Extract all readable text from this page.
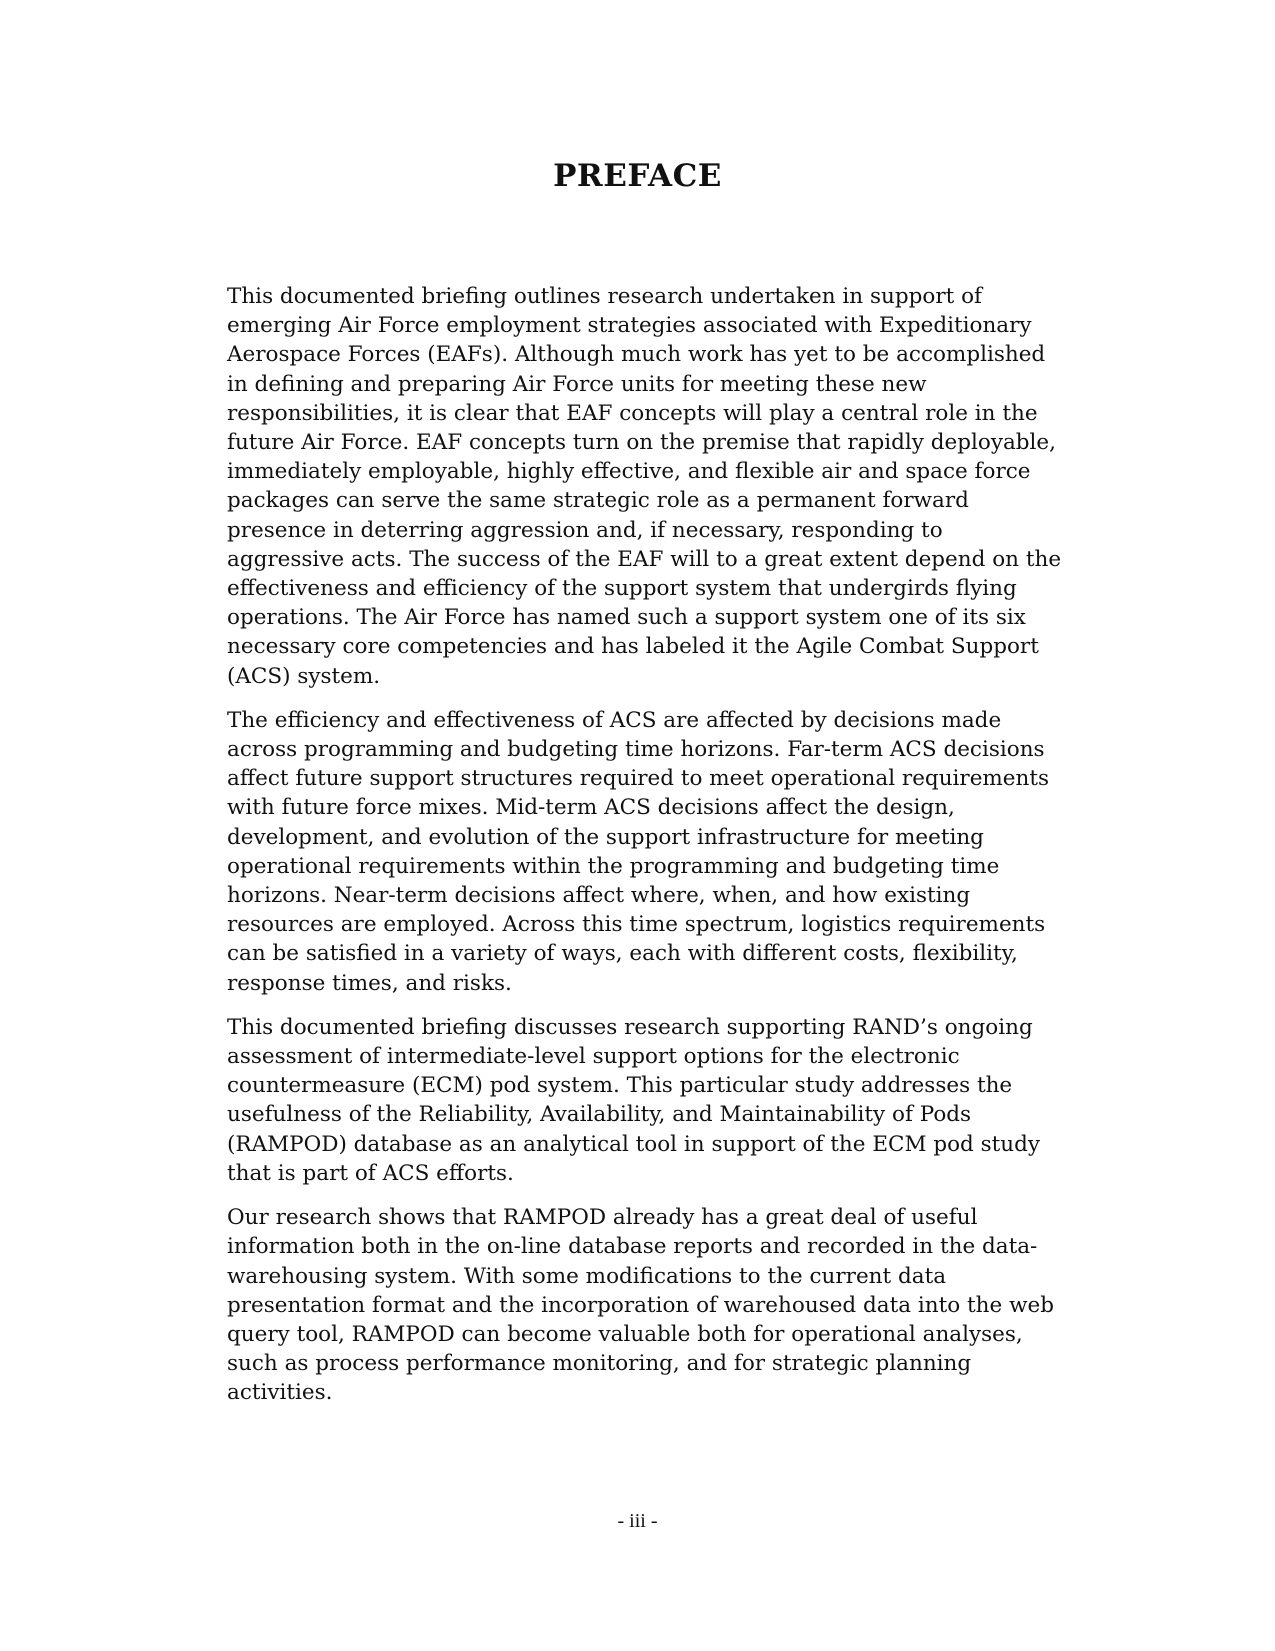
PREFACE

This documented briefing outlines research undertaken in support of emerging Air Force employment strategies associated with Expeditionary Aerospace Forces (EAFs). Although much work has yet to be accomplished in defining and preparing Air Force units for meeting these new responsibilities, it is clear that EAF concepts will play a central role in the future Air Force. EAF concepts turn on the premise that rapidly deployable, immediately employable, highly effective, and flexible air and space force packages can serve the same strategic role as a permanent forward presence in deterring aggression and, if necessary, responding to aggressive acts. The success of the EAF will to a great extent depend on the effectiveness and efficiency of the support system that undergirds flying operations. The Air Force has named such a support system one of its six necessary core competencies and has labeled it the Agile Combat Support (ACS) system.

The efficiency and effectiveness of ACS are affected by decisions made across programming and budgeting time horizons. Far-term ACS decisions affect future support structures required to meet operational requirements with future force mixes. Mid-term ACS decisions affect the design, development, and evolution of the support infrastructure for meeting operational requirements within the programming and budgeting time horizons. Near-term decisions affect where, when, and how existing resources are employed. Across this time spectrum, logistics requirements can be satisfied in a variety of ways, each with different costs, flexibility, response times, and risks.

This documented briefing discusses research supporting RAND’s ongoing assessment of intermediate-level support options for the electronic countermeasure (ECM) pod system. This particular study addresses the usefulness of the Reliability, Availability, and Maintainability of Pods (RAMPOD) database as an analytical tool in support of the ECM pod study that is part of ACS efforts.

Our research shows that RAMPOD already has a great deal of useful information both in the on-line database reports and recorded in the data-warehousing system. With some modifications to the current data presentation format and the incorporation of warehoused data into the web query tool, RAMPOD can become valuable both for operational analyses, such as process performance monitoring, and for strategic planning activities.

- iii -
